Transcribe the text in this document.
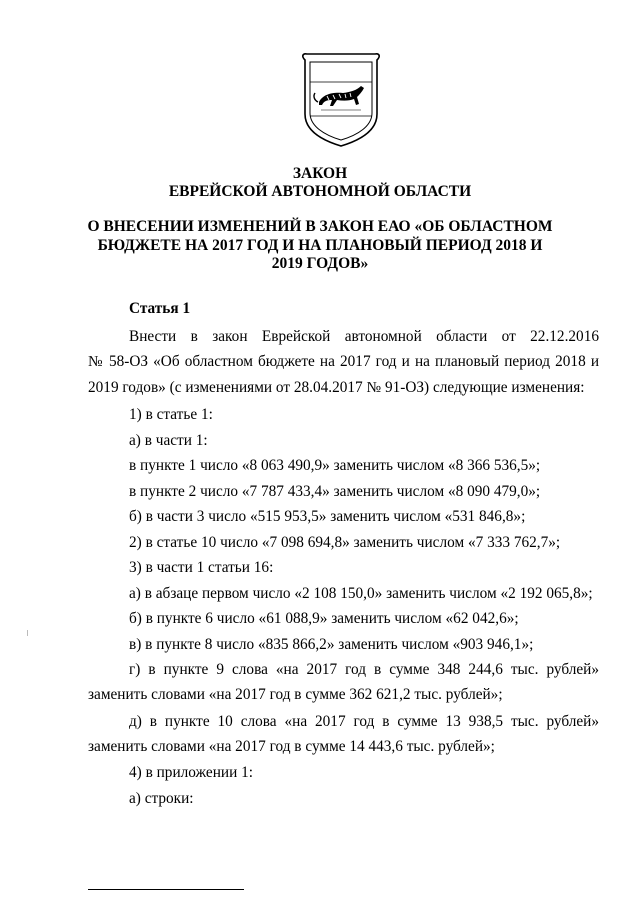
ЗАКОН
ЕВРЕЙСКОЙ АВТОНОМНОЙ ОБЛАСТИ
О ВНЕСЕНИИ ИЗМЕНЕНИЙ В ЗАКОН ЕАО «ОБ ОБЛАСТНОМ
БЮДЖЕТЕ НА 2017 ГОД И НА ПЛАНОВЫЙ ПЕРИОД 2018 И
2019 ГОДОВ»
Статья 1
Внести в закон Еврейской автономной области от 22.12.2016
№ 58-ОЗ «Об областном бюджете на 2017 год и на плановый период 2018 и
2019 годов» (с изменениями от 28.04.2017 № 91-ОЗ) следующие изменения:
1) в статье 1:
а) в части 1:
в пункте 1 число «8 063 490,9» заменить числом «8 366 536,5»;
в пункте 2 число «7 787 433,4» заменить числом «8 090 479,0»;
б) в части 3 число «515 953,5» заменить числом «531 846,8»;
2) в статье 10 число «7 098 694,8» заменить числом «7 333 762,7»;
3) в части 1 статьи 16:
а) в абзаце первом число «2 108 150,0» заменить числом «2 192 065,8»;
б) в пункте 6 число «61 088,9» заменить числом «62 042,6»;
в) в пункте 8 число «835 866,2» заменить числом «903 946,1»;
г) в пункте 9 слова «на 2017 год в сумме 348 244,6 тыс. рублей»
заменить словами «на 2017 год в сумме 362 621,2 тыс. рублей»;
д) в пункте 10 слова «на 2017 год в сумме 13 938,5 тыс. рублей»
заменить словами «на 2017 год в сумме 14 443,6 тыс. рублей»;
4) в приложении 1:
а) строки:
